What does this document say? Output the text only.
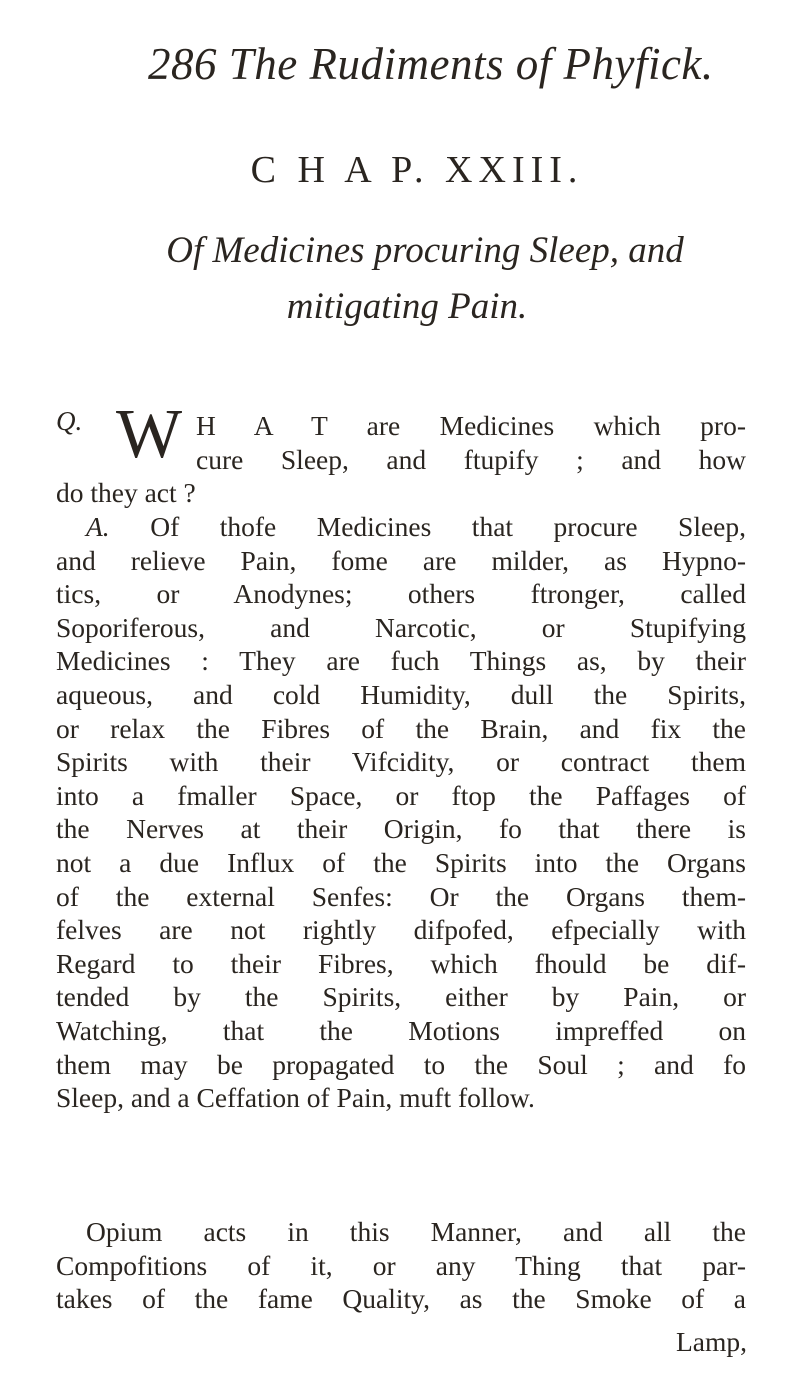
286 The Rudiments of Phyfick.
C H A P. XXIII.
Of Medicines procuring Sleep, and
mitigating Pain.
Q. W H A T are Medicines which pro-
cure Sleep, and ftupify ; and how
do they act ?
A. Of thofe Medicines that procure Sleep,
and relieve Pain, fome are milder, as Hypno-
tics, or Anodynes; others ftronger, called
Soporiferous, and Narcotic, or Stupifying
Medicines : They are fuch Things as, by their
aqueous, and cold Humidity, dull the Spirits,
or relax the Fibres of the Brain, and fix the
Spirits with their Vifcidity, or contract them
into a fmaller Space, or ftop the Paffages of
the Nerves at their Origin, fo that there is
not a due Influx of the Spirits into the Organs
of the external Senfes: Or the Organs them-
felves are not rightly difpofed, efpecially with
Regard to their Fibres, which fhould be dif-
tended by the Spirits, either by Pain, or
Watching, that the Motions impreffed on
them may be propagated to the Soul ; and fo
Sleep, and a Ceffation of Pain, muft follow.
Opium acts in this Manner, and all the
Compofitions of it, or any Thing that par-
takes of the fame Quality, as the Smoke of a
Lamp,
